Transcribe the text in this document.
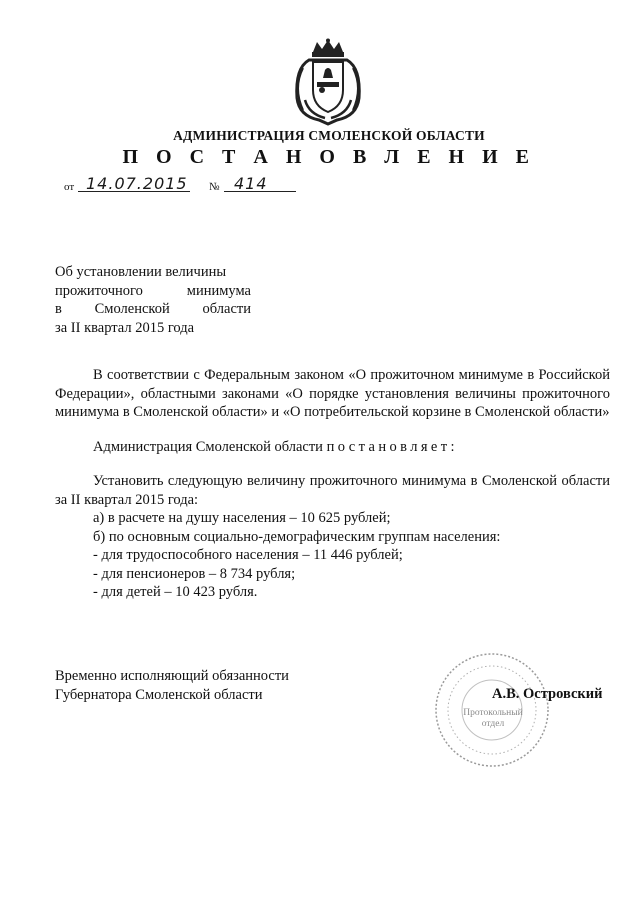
АДМИНИСТРАЦИЯ СМОЛЕНСКОЙ ОБЛАСТИ
П О С Т А Н О В Л Е Н И Е
от 14.07.2015 № 414
Об установлении величины
прожиточного минимума
в Смоленской области
за II квартал 2015 года

В соответствии с Федеральным законом «О прожиточном минимуме в Российской Федерации», областными законами «О порядке установления величины прожиточного минимума в Смоленской области» и «О потребительской корзине в Смоленской области»

Администрация Смоленской области постановляет:

Установить следующую величину прожиточного минимума в Смоленской области за II квартал 2015 года:

а) в расчете на душу населения – 10 625 рублей;

б) по основным социально-демографическим группам населения:

- для трудоспособного населения – 11 446 рублей;

- для пенсионеров – 8 734 рубля;

- для детей – 10 423 рубля.

Временно исполняющий обязанности
Губернатора Смоленской области
Протокольный отдел
А.В. Островский
